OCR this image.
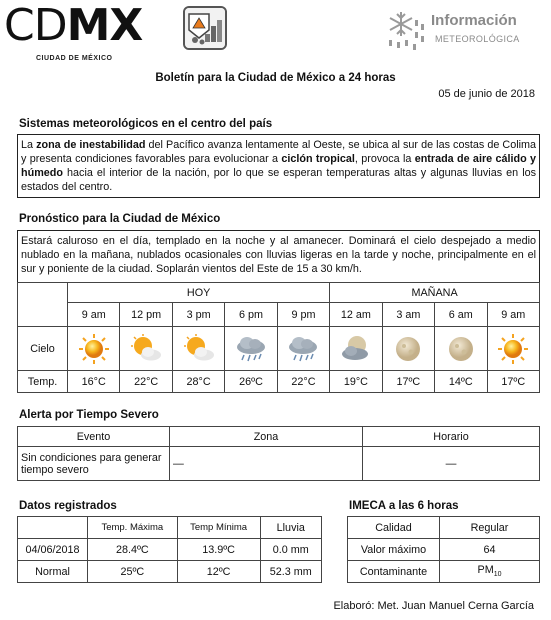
CDMX
CIUDAD DE MÉXICO
Información
METEOROLÓGICA
Boletín para la Ciudad de México a 24 horas
05 de junio de 2018
Sistemas meteorológicos en el centro del país
La zona de inestabilidad del Pacífico avanza lentamente al Oeste, se ubica al sur de las costas de Colima y presenta condiciones favorables para evolucionar a ciclón tropical, provoca la entrada de aire cálido y húmedo hacia el interior de la nación, por lo que se esperan temperaturas altas y algunas lluvias en los estados del centro.
Pronóstico para la Ciudad de México
Estará caluroso en el día, templado en la noche y al amanecer. Dominará el cielo despejado a medio nublado en la mañana, nublados ocasionales con lluvias ligeras en la tarde y noche, principalmente en el sur y poniente de la ciudad. Soplarán vientos del Este de 15 a 30 km/h.
	HOY					MAÑANA			
	9 am	12 pm	3 pm	6 pm	9 pm	12 am	3 am	6 am	9 am
Cielo									
Temp.	16°C	22°C	28°C	26ºC	22°C	19°C	17ºC	14ºC	17ºC
Alerta por Tiempo Severo
Evento	Zona	Horario
Sin condiciones para generar tiempo severo	—	—
Datos registrados
	Temp. Máxima	Temp Mínima	Lluvia
04/06/2018	28.4ºC	13.9ºC	0.0 mm
Normal	25ºC	12ºC	52.3 mm
IMECA a las 6 horas
Calidad	Regular
Valor máximo	64
Contaminante	$PM_{10}$
Elaboró: Met. Juan Manuel Cerna García
